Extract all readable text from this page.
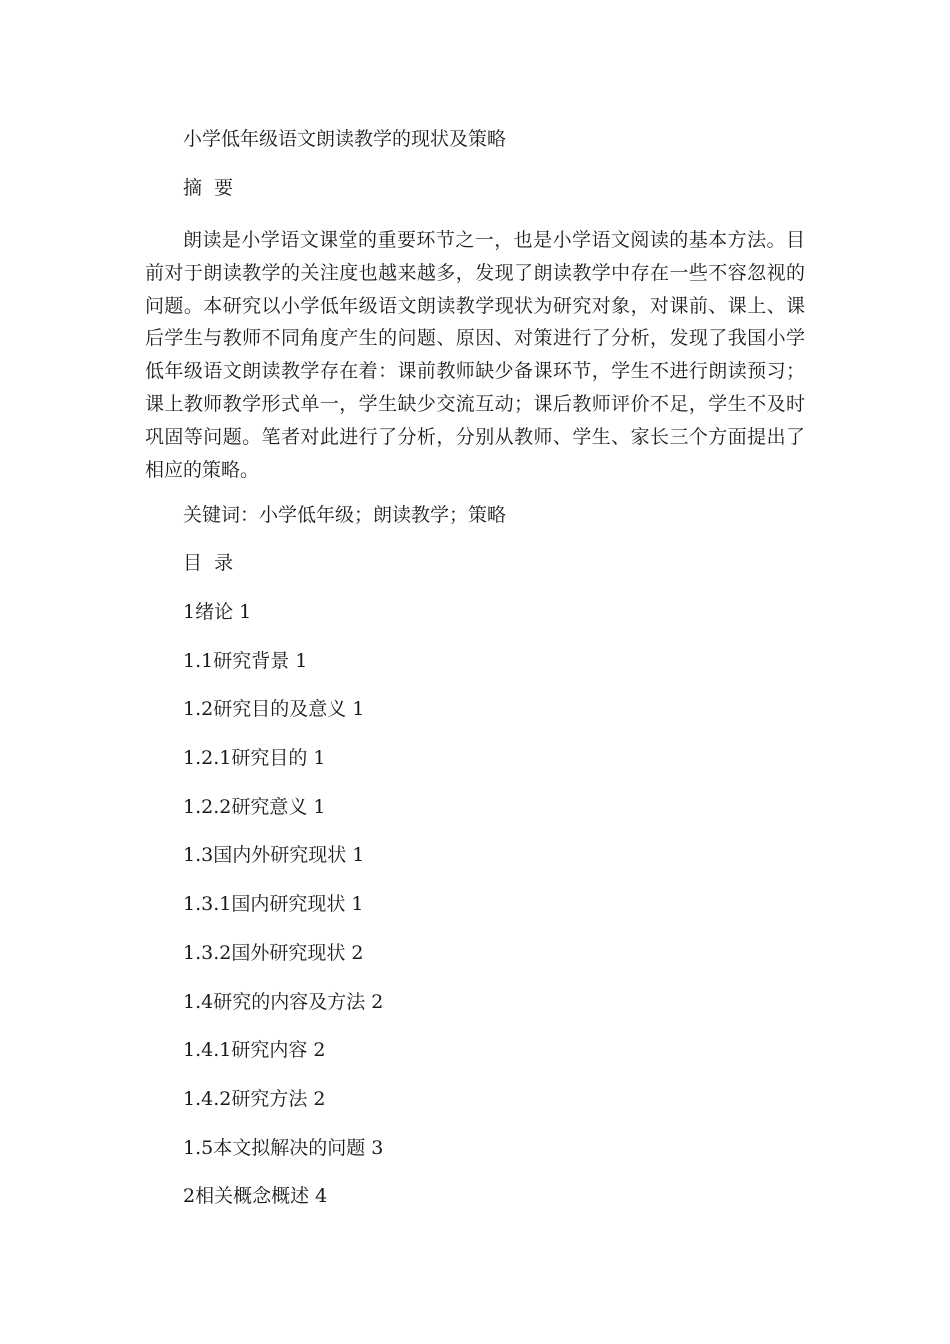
小学低年级语文朗读教学的现状及策略
摘  要

朗读是小学语文课堂的重要环节之一，也是小学语文阅读的基本方法。目前对于朗读教学的关注度也越来越多，发现了朗读教学中存在一些不容忽视的问题。本研究以小学低年级语文朗读教学现状为研究对象，对课前、课上、课后学生与教师不同角度产生的问题、原因、对策进行了分析，发现了我国小学低年级语文朗读教学存在着：课前教师缺少备课环节，学生不进行朗读预习；课上教师教学形式单一，学生缺少交流互动；课后教师评价不足，学生不及时巩固等问题。笔者对此进行了分析，分别从教师、学生、家长三个方面提出了相应的策略。

关键词：小学低年级；朗读教学；策略
目  录
1绪论 1
1.1研究背景 1
1.2研究目的及意义 1
1.2.1研究目的 1
1.2.2研究意义 1
1.3国内外研究现状 1
1.3.1国内研究现状 1
1.3.2国外研究现状 2
1.4研究的内容及方法 2
1.4.1研究内容 2
1.4.2研究方法 2
1.5本文拟解决的问题 3
2相关概念概述 4
